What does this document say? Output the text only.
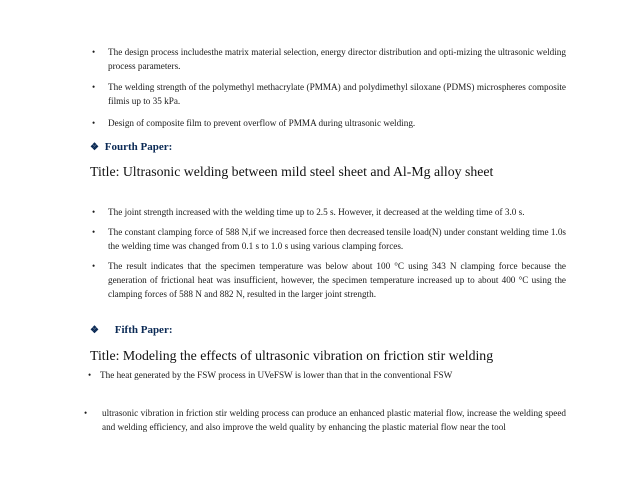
•	The design process includesthe matrix material selection, energy director distribution and opti-mizing the ultrasonic welding process parameters.
•	The welding strength of the polymethyl methacrylate (PMMA) and polydimethyl siloxane (PDMS) microspheres composite filmis up to 35 kPa.
•	Design of composite film to prevent overflow of PMMA during ultrasonic welding.
❖ Fourth Paper:
Title: Ultrasonic welding between mild steel sheet and Al-Mg alloy sheet
•	The joint strength increased with the welding time up to 2.5 s. However, it decreased at the welding time of 3.0 s.
•	The constant clamping force of 588 N,if we increased force then decreased tensile load(N) under constant welding time 1.0s the welding time was changed from 0.1 s to 1.0 s using various clamping forces.
•	The result indicates that the specimen temperature was below about 100 °C using 343 N clamping force because the generation of frictional heat was insufficient, however, the specimen temperature increased up to about 400 °C using the clamping forces of 588 N and 882 N, resulted in the larger joint strength.
❖ Fifth Paper:
Title: Modeling the effects of ultrasonic vibration on friction stir welding
• The heat generated by the FSW process in UVeFSW is lower than that in the conventional FSW
•	ultrasonic vibration in friction stir welding process can produce an enhanced plastic material flow, increase the welding speed and welding efficiency, and also improve the weld quality by enhancing the plastic material flow near the tool
